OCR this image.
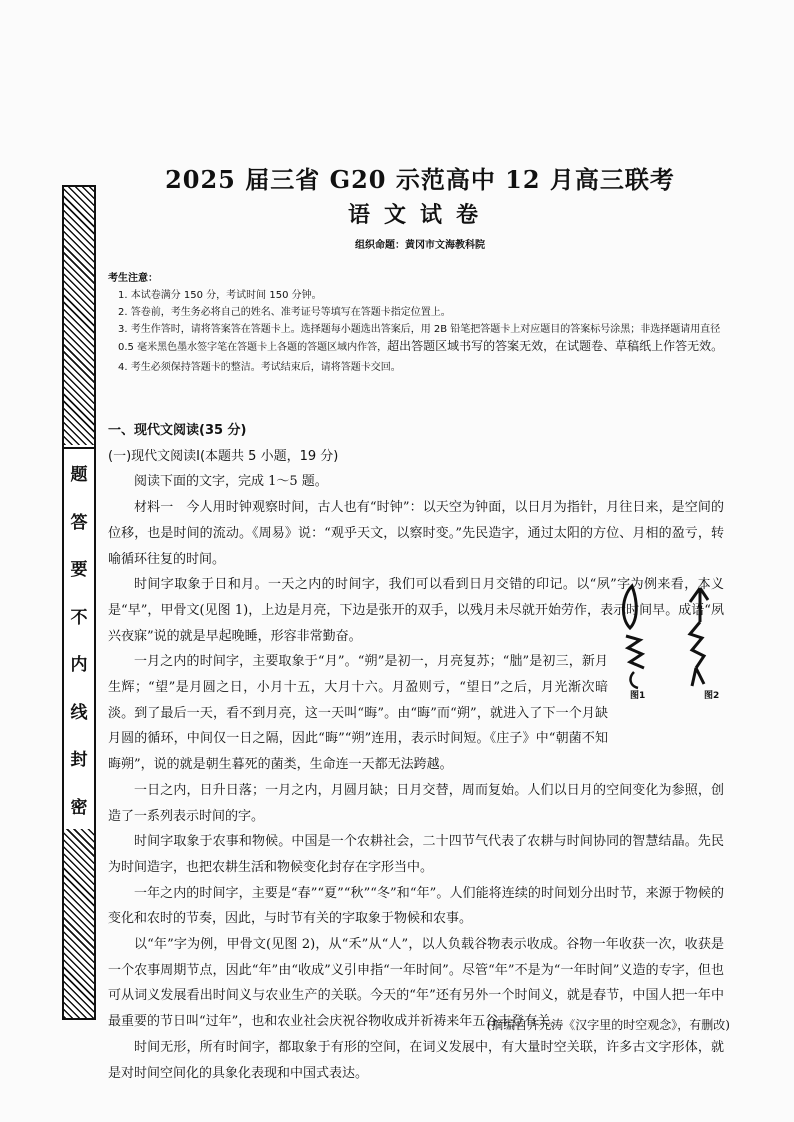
题
答
要
不
内
线
封
密
2025 届三省 G20 示范高中 12 月高三联考
语文试卷
组织命题：黄冈市文海教科院

考生注意：

1. 本试卷满分 150 分，考试时间 150 分钟。

2. 答卷前，考生务必将自己的姓名、准考证号等填写在答题卡指定位置上。

3. 考生作答时，请将答案答在答题卡上。选择题每小题选出答案后，用 2B 铅笔把答题卡上对应题目的答案标号涂黑；非选择题请用直径 0.5 毫米黑色墨水签字笔在答题卡上各题的答题区域内作答，超出答题区域书写的答案无效，在试题卷、草稿纸上作答无效。

4. 考生必须保持答题卡的整洁。考试结束后，请将答题卡交回。

一、现代文阅读(35 分)

(一)现代文阅读Ⅰ(本题共 5 小题，19 分)

阅读下面的文字，完成 1～5 题。

材料一　今人用时钟观察时间，古人也有“时钟”：以天空为钟面，以日月为指针，月往日来，是空间的位移，也是时间的流动。《周易》说：“观乎天文，以察时变。”先民造字，通过太阳的方位、月相的盈亏，转喻循环往复的时间。

时间字取象于日和月。一天之内的时间字，我们可以看到日月交错的印记。以“夙”字为例来看，本义是“早”，甲骨文(见图 1)，上边是月亮，下边是张开的双手，以残月未尽就开始劳作，表示时间早。成语“夙兴夜寐”说的就是早起晚睡，形容非常勤奋。

一月之内的时间字，主要取象于“月”。“朔”是初一，月亮复苏；“朏”是初三，新月生辉；“望”是月圆之日，小月十五，大月十六。月盈则亏，“望日”之后，月光渐次暗淡。到了最后一天，看不到月亮，这一天叫“晦”。由“晦”而“朔”，就进入了下一个月缺月圆的循环，中间仅一日之隔，因此“晦”“朔”连用，表示时间短。《庄子》中“朝菌不知晦朔”，说的就是朝生暮死的菌类，生命连一天都无法跨越。

一日之内，日升日落；一月之内，月圆月缺；日月交替，周而复始。人们以日月的空间变化为参照，创造了一系列表示时间的字。

时间字取象于农事和物候。中国是一个农耕社会，二十四节气代表了农耕与时间协同的智慧结晶。先民为时间造字，也把农耕生活和物候变化封存在字形当中。

一年之内的时间字，主要是“春”“夏”“秋”“冬”和“年”。人们能将连续的时间划分出时节，来源于物候的变化和农时的节奏，因此，与时节有关的字取象于物候和农事。

以“年”字为例，甲骨文(见图 2)，从“禾”从“人”，以人负载谷物表示收成。谷物一年收获一次，收获是一个农事周期节点，因此“年”由“收成”义引申指“一年时间”。尽管“年”不是为“一年时间”义造的专字，但也可从词义发展看出时间义与农业生产的关联。今天的“年”还有另外一个时间义，就是春节，中国人把一年中最重要的节日叫“过年”，也和农业社会庆祝谷物收成并祈祷来年五谷丰登有关。

时间无形，所有时间字，都取象于有形的空间，在词义发展中，有大量时空关联，许多古文字形体，就是对时间空间化的具象化表现和中国式表达。

图1	图2
(摘编自齐元涛《汉字里的时空观念》，有删改)
